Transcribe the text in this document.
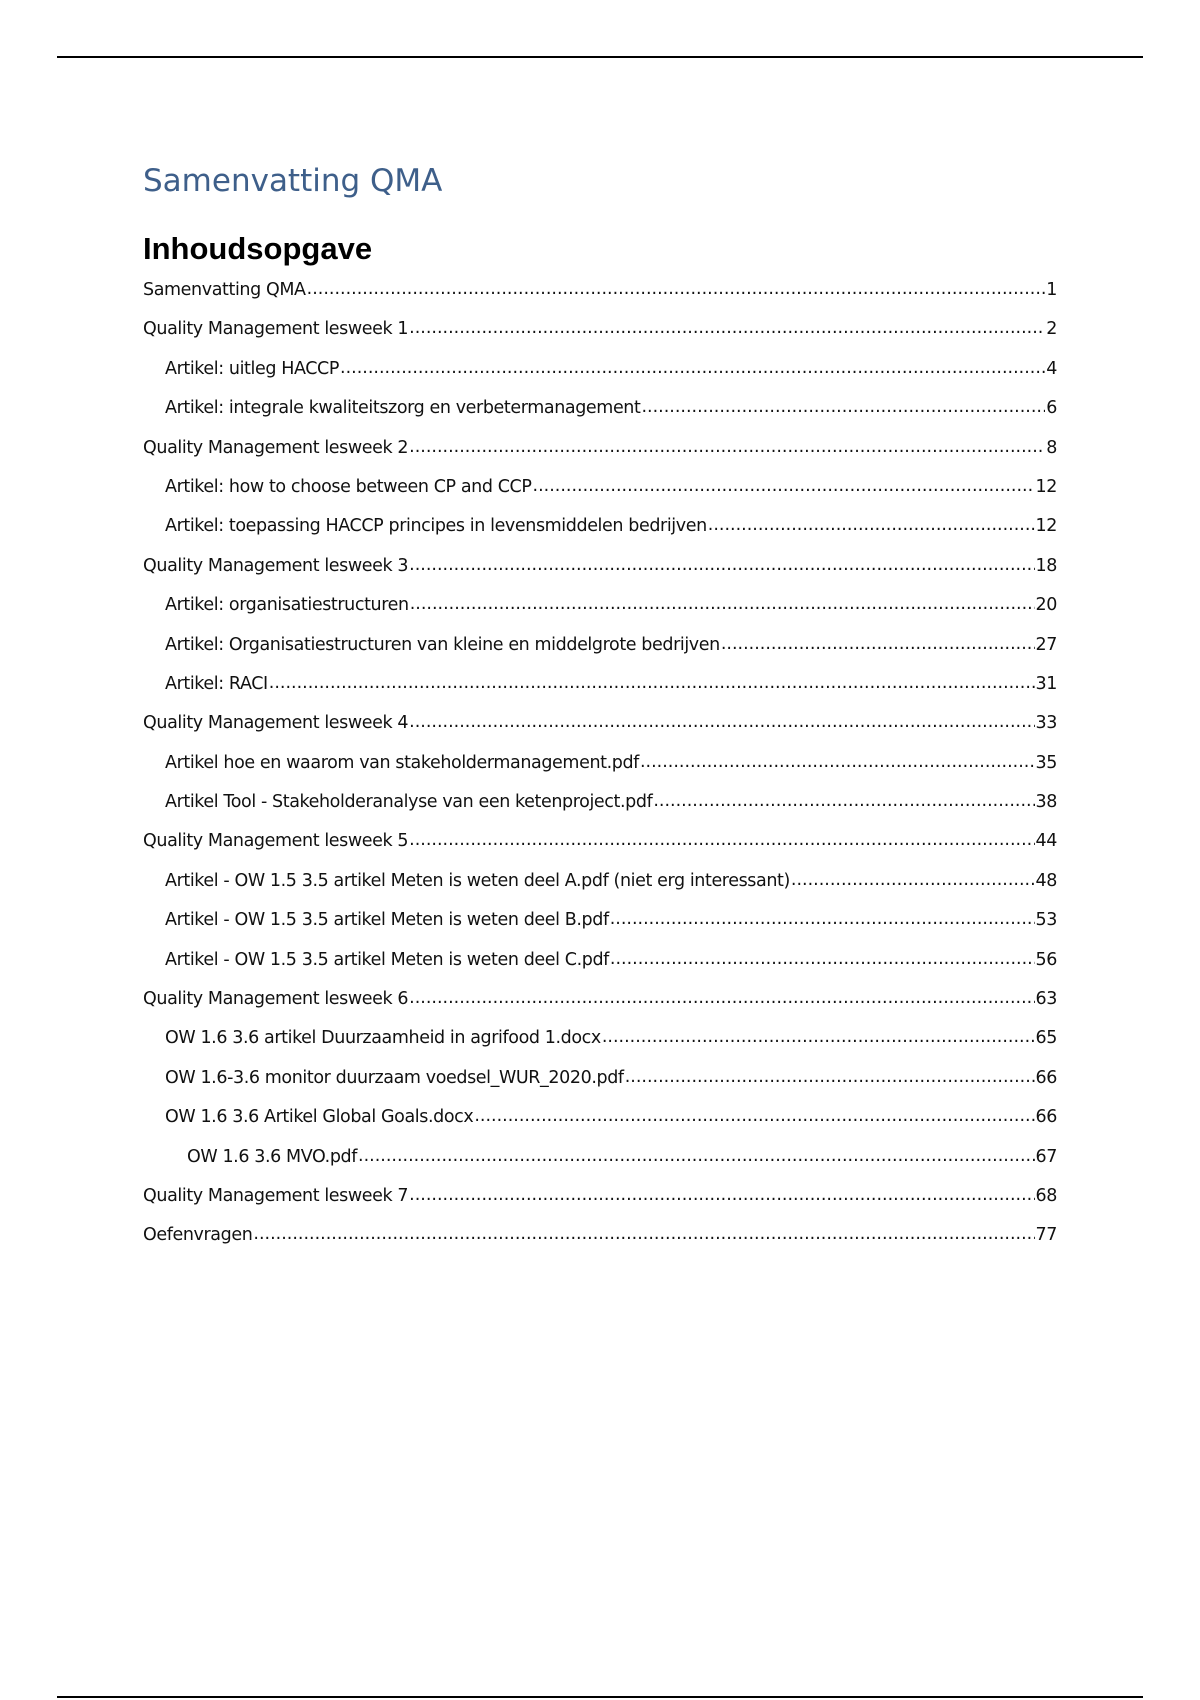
Samenvatting QMA
Inhoudsopgave
Samenvatting QMA .....	1
Quality Management lesweek 1 .....	2
Artikel: uitleg HACCP .....	4
Artikel: integrale kwaliteitszorg en verbetermanagement .....	6
Quality Management lesweek 2 .....	8
Artikel: how to choose between CP and CCP .....	12
Artikel: toepassing HACCP principes in levensmiddelen bedrijven .....	12
Quality Management lesweek 3 .....	18
Artikel: organisatiestructuren .....	20
Artikel: Organisatiestructuren van kleine en middelgrote bedrijven .....	27
Artikel: RACI .....	31
Quality Management lesweek 4 .....	33
Artikel hoe en waarom van stakeholdermanagement.pdf .....	35
Artikel Tool - Stakeholderanalyse van een ketenproject.pdf .....	38
Quality Management lesweek 5 .....	44
Artikel - OW 1.5 3.5 artikel Meten is weten deel A.pdf (niet erg interessant) .....	48
Artikel - OW 1.5 3.5 artikel Meten is weten deel B.pdf .....	53
Artikel - OW 1.5 3.5 artikel Meten is weten deel C.pdf .....	56
Quality Management lesweek 6 .....	63
OW 1.6 3.6 artikel Duurzaamheid in agrifood 1.docx .....	65
OW 1.6-3.6 monitor duurzaam voedsel_WUR_2020.pdf .....	66
OW 1.6 3.6 Artikel Global Goals.docx .....	66
OW 1.6 3.6 MVO.pdf .....	67
Quality Management lesweek 7 .....	68
Oefenvragen .....	77
